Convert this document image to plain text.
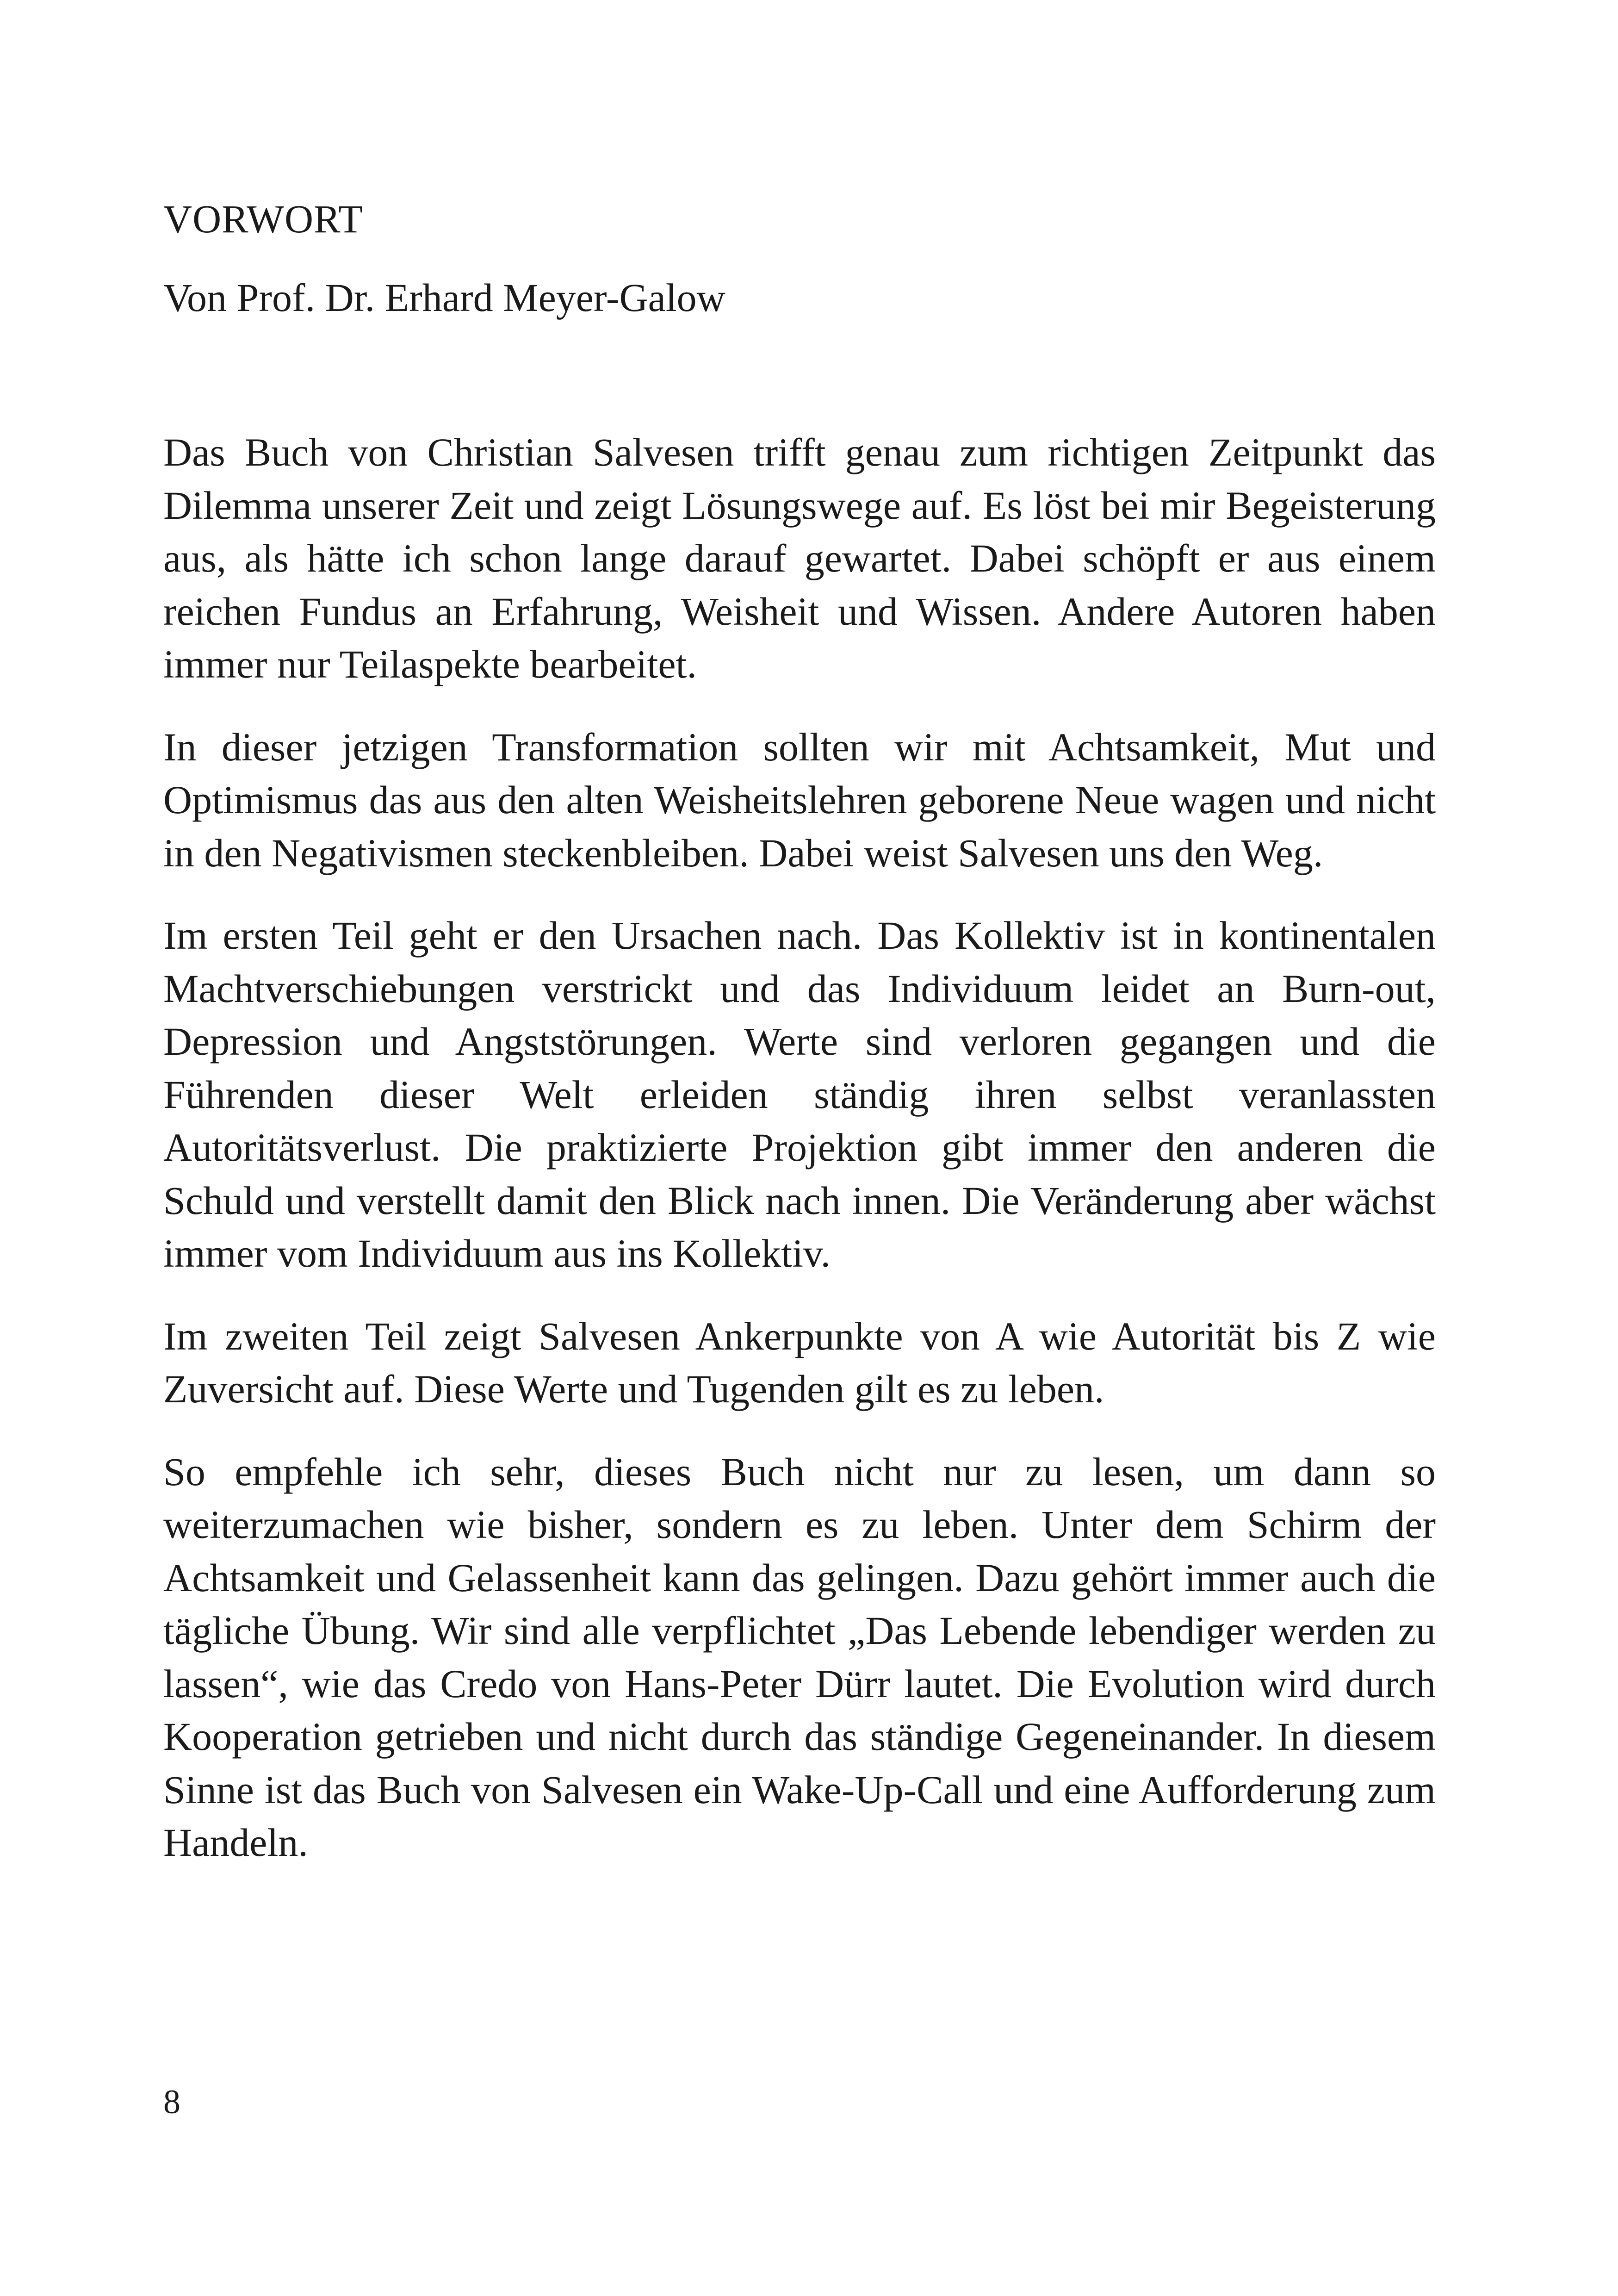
VORWORT

Von Prof. Dr. Erhard Meyer-Galow

Das Buch von Christian Salvesen trifft genau zum richtigen Zeitpunkt das Dilemma unserer Zeit und zeigt Lösungswege auf. Es löst bei mir Begeisterung aus, als hätte ich schon lange darauf gewartet. Dabei schöpft er aus einem reichen Fundus an Erfahrung, Weisheit und Wissen. Andere Autoren haben immer nur Teilaspekte bearbeitet.

In dieser jetzigen Transformation sollten wir mit Achtsamkeit, Mut und Optimismus das aus den alten Weisheitslehren geborene Neue wagen und nicht in den Negativismen steckenbleiben. Dabei weist Salvesen uns den Weg.

Im ersten Teil geht er den Ursachen nach. Das Kollektiv ist in kontinentalen Machtverschiebungen verstrickt und das Individuum leidet an Burn-out, Depression und Angststörungen. Werte sind verloren gegangen und die Führenden dieser Welt erleiden ständig ihren selbst veranlassten Autoritätsverlust. Die praktizierte Projektion gibt immer den anderen die Schuld und verstellt damit den Blick nach innen. Die Veränderung aber wächst immer vom Individuum aus ins Kollektiv.

Im zweiten Teil zeigt Salvesen Ankerpunkte von A wie Autorität bis Z wie Zuversicht auf. Diese Werte und Tugenden gilt es zu leben.

So empfehle ich sehr, dieses Buch nicht nur zu lesen, um dann so weiterzumachen wie bisher, sondern es zu leben. Unter dem Schirm der Achtsamkeit und Gelassenheit kann das gelingen. Dazu gehört immer auch die tägliche Übung. Wir sind alle verpflichtet „Das Lebende lebendiger werden zu lassen“, wie das Credo von Hans-Peter Dürr lautet. Die Evolution wird durch Kooperation getrieben und nicht durch das ständige Gegeneinander. In diesem Sinne ist das Buch von Salvesen ein Wake-Up-Call und eine Aufforderung zum Handeln.

8
